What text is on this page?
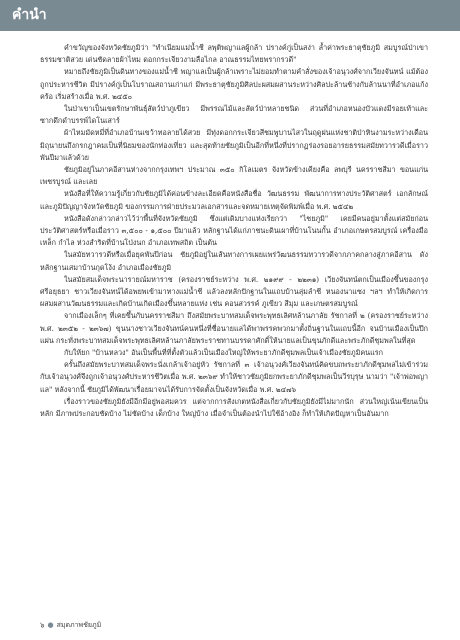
คำนำ

คำขวัญของจังหวัดชัยภูมิว่า "ทำเนียมแม่น้ำชี ลพุติพญาแลผู้กล้า ปรางค์กู่เป็นสง่า ล้ำค่าพระธาตุชัยภูมิ สมบูรณ์ป่าเขาธรรมชาติสวย เด่นชัดลายผ้าไหม ดอกกระเจียวงามลือไกล อาณธรรมไทยพรากรวดี"

หมายถึงชัยภูมิเป็นดินทางของแม่น้ำชี พญาแลเป็นผู้กล้าเพราะไม่ยอมทำตามคำสั่งของเจ้าอนุวงศ์จากเวียงจันทน์ แม้ต้องถูกประหารชีวิต มีปรางค์กู่เป็นโบราณสถานเก่าแก่ มีพระธาตุชัยภูมิศิลปะผสมผสานระหว่างศิลปะล้านช้างกับล้านนาที่อำเภอแก้งคร้อ เริ่มสร้างเมื่อ พ.ศ. ๒๔๕๐

ในป่าเขาเป็นเขตรักษาพันธุ์สัตว์ป่าภูเขียว มีพรรณไม้และสัตว์ป่าหลายชนิด ส่วนที่อำเภอหนองบัวแดงมีรอยเท้าและซากดึกดำบรรพ์ไดโนเสาร์

ผ้าไหมมัดหมี่ที่อำเภอบ้านเขว้าทอลายได้สวย มีทุ่งดอกกระเจียวสีชมพูบานไสวในฤดูฝนแห่งชาติป่าหินงามระหว่างเดือนมิถุนายนถึงกรกฎาคมเป็นที่นิยมของนักท่องเที่ยว และสุดท้ายชัยภูมิเป็นอีกที่หนึ่งที่ปรากฏร่องรอยอารยธรรมสมัยทวารวดีเมื่อราวพันปีมาแล้วด้วย

ชัยภูมิอยู่ในภาคอีสานห่างจากกรุงเทพฯ ประมาณ ๓๕๐ กิโลเมตร จังหวัดข้างเคียงคือ ลพบุรี นครราชสีมา ขอนแก่น เพชรบูรณ์ และเลย

หนังสือที่ให้ความรู้เกี่ยวกับชัยภูมิได้ค่อนข้างละเอียดคือหนังสือชื่อ วัฒนธรรม พัฒนาการทางประวัติศาสตร์ เอกลักษณ์และภูมิปัญญาจังหวัดชัยภูมิ ของกรรมการฝ่ายประมวลเอกสารและจดหมายเหตุจัดพิมพ์เมื่อ พ.ศ. ๒๕๔๒

หนังสือดังกล่าวกล่าวไว้ว่าพื้นที่จังหวัดชัยภูมิ ซึ่งแต่เดิมบางแห่งเรียกว่า "ไชยภูมิ" เคยมีคนอยู่มาตั้งแต่สมัยก่อนประวัติศาสตร์หรือเมื่อราว ๓,๕๐๐ - ๑,๕๐๐ ปีมาแล้ว หลักฐานได้แก่ภาชนะดินเผาที่บ้านโนนกั้น อำเภอเกษตรสมบูรณ์ เครื่องมือเหล็ก กำไล ห่วงสำริดที่บ้านโป่งนก อำเภอเทพสถิต เป็นต้น

ในสมัยทวารวดีหรือเมื่อยุคพันปีก่อน ชัยภูมิอยู่ในเส้นทางการเผยแพร่วัฒนธรรมทวารวดีจากภาคกลางสู่ภาคอีสาน ดังหลักฐานเสมาบ้านกุดโง้ง อำเภอเมืองชัยภูมิ

ในสมัยสมเด็จพระนารายณ์มหาราช (ครองราชย์ระหว่าง พ.ศ. ๒๑๙๙ - ๒๒๓๑) เวียงจันทน์ตกเป็นเมืองขึ้นของกรุงศรีอยุธยา ชาวเวียงจันทน์ได้อพยพเข้ามาทางแม่น้ำชี แล้วลงหลักปักฐานในแถบบ้านลุ่มลำชี หนองนาแซง ฯลฯ ทำให้เกิดการผสมผสานวัฒนธรรมและเกิดบ้านเกิดเมืองขึ้นหลายแห่ง เช่น คอนสวรรค์ ภูเขียว สีมุม และเกษตรสมบูรณ์

จากเมืองเล็กๆ ที่เคยขึ้นกับนครราชสีมา ถึงสมัยพระบาทสมเด็จพระพุทธเลิศหล้านภาลัย รัชกาลที่ ๒ (ครองราชย์ระหว่าง พ.ศ. ๒๓๕๒ - ๒๓๖๗) ขุนนางชาวเวียงจันทน์คนหนึ่งที่ชื่อนายแลได้พาพรรคพวกมาตั้งถิ่นฐานในแถบนี้อีก จนบ้านเมืองเป็นปึกแผ่น กระทั่งพระบาทสมเด็จพระพุทธเลิศหล้านภาลัยพระราชทานบรรดาศักดิ์ให้นายแลเป็นขุนภักดีและพระภักดีชุมพลในที่สุด

กับให้ยก "บ้านหลวง" อันเป็นพื้นที่ที่ตั้งตัวแล้วเป็นเมืองใหญ่ให้พระยาภักดีชุมพลเป็นเจ้าเมืองชัยภูมิคนแรก

ครั้นถึงสมัยพระบาทสมเด็จพระนั่งเกล้าเจ้าอยู่หัว รัชกาลที่ ๓ เจ้าอนุวงศ์เวียงจันทน์คิดขบถพระยาภักดีชุมพลไม่เข้าร่วมกับเจ้าอนุวงศ์จึงถูกเจ้าอนุวงศ์ประหารชีวิตเมื่อ พ.ศ. ๒๓๖๙ ทำให้ชาวชัยภูมิยกพระยาภักดีชุมพลเป็นวีรบุรุษ นามว่า "เจ้าพ่อพญาแล" หลังจากนี้ ชัยภูมิได้พัฒนาเรื่อยมาจนได้รับการจัดตั้งเป็นจังหวัดเมื่อ พ.ศ. ๒๔๗๖

เรื่องราวของชัยภูมิยังมีอีกมีอยู่พอสมควร แต่จากการสังเกตหนังสือเกี่ยวกับชัยภูมิยังมีไม่มากนัก ส่วนใหญ่เน้นเขียนเป็นหลัก มีภาพประกอบชัดบ้าง ไม่ชัดบ้าง เด็กบ้าง ใหญ่บ้าง เมื่อจำเป็นต้องนำไปใช้อ้างอิง ก็ทำให้เกิดปัญหาเป็นอันมาก

๖ ● สมุดภาพชัยภูมิ
